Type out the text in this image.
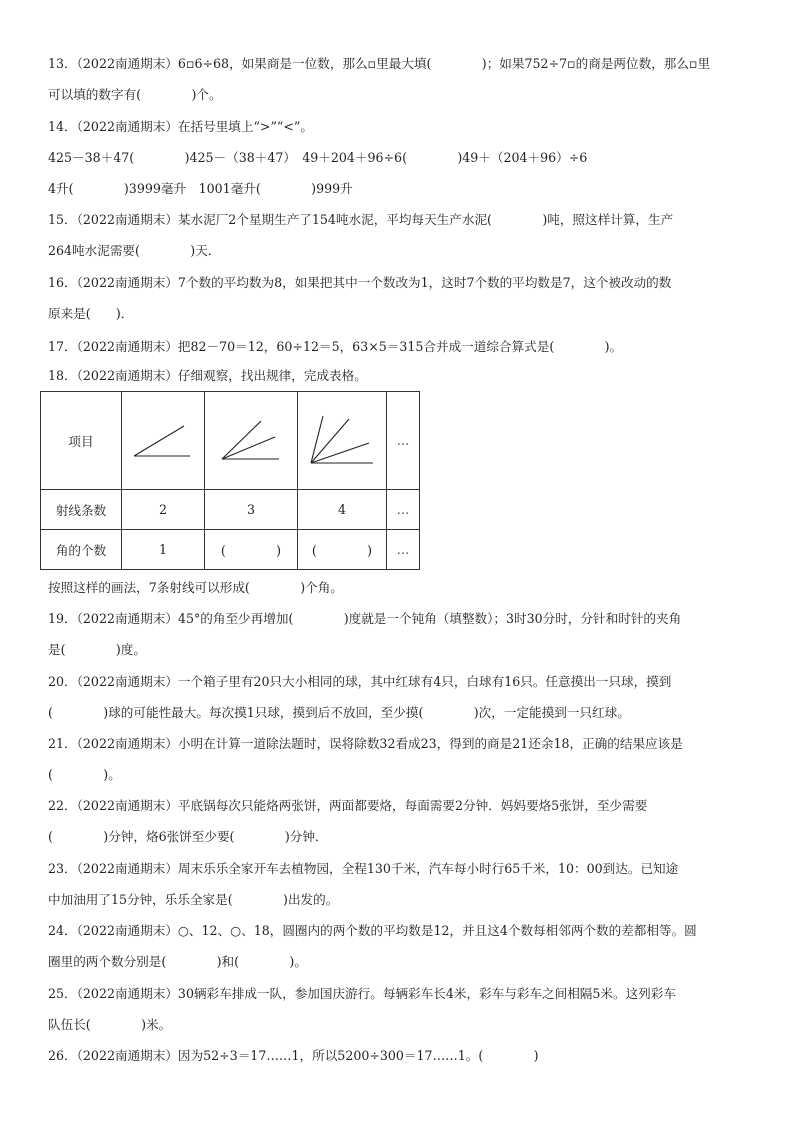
13．（2022南通期末）6▫6÷68，如果商是一位数，那么▫里最大填(　　　　)；如果752÷7▫的商是两位数，那么▫里
可以填的数字有(　　　　)个。
14．（2022南通期末）在括号里填上“>”“<”。
425－38＋47(　　　　)425－（38＋47）　49＋204＋96÷6(　　　　)49＋（204＋96）÷6
4升(　　　　)3999毫升　1001毫升(　　　　)999升
15．（2022南通期末）某水泥厂2个星期生产了154吨水泥，平均每天生产水泥(　　　　)吨，照这样计算，生产
264吨水泥需要(　　　　)天．
16．（2022南通期末）7个数的平均数为8，如果把其中一个数改为1，这时7个数的平均数是7，这个被改动的数
原来是(　　)．
17．（2022南通期末）把82－70＝12，60÷12＝5，63×5＝315合并成一道综合算式是(　　　　)。
18．（2022南通期末）仔细观察，找出规律，完成表格。
项目				…
射线条数	2	3	4	…
角的个数	1	(　　　　)	(　　　　)	…
按照这样的画法，7条射线可以形成(　　　　)个角。
19．（2022南通期末）45°的角至少再增加(　　　　)度就是一个钝角（填整数）；3时30分时，分针和时针的夹角
是(　　　　)度。
20．（2022南通期末）一个箱子里有20只大小相同的球，其中红球有4只，白球有16只。任意摸出一只球，摸到
(　　　　)球的可能性最大。每次摸1只球，摸到后不放回，至少摸(　　　　)次，一定能摸到一只红球。
21．（2022南通期末）小明在计算一道除法题时，误将除数32看成23，得到的商是21还余18，正确的结果应该是
(　　　　)。
22．（2022南通期末）平底锅每次只能烙两张饼，两面都要烙，每面需要2分钟．妈妈要烙5张饼，至少需要
(　　　　)分钟，烙6张饼至少要(　　　　)分钟．
23．（2022南通期末）周末乐乐全家开车去植物园，全程130千米，汽车每小时行65千米，10：00到达。已知途
中加油用了15分钟，乐乐全家是(　　　　)出发的。
24．（2022南通期末）○、12、○、18，圆圈内的两个数的平均数是12，并且这4个数每相邻两个数的差都相等。圆
圈里的两个数分别是(　　　　)和(　　　　)。
25．（2022南通期末）30辆彩车排成一队，参加国庆游行。每辆彩车长4米，彩车与彩车之间相隔5米。这列彩车
队伍长(　　　　)米。
26．（2022南通期末）因为52÷3＝17……1，所以5200÷300＝17……1。(　　　　)
